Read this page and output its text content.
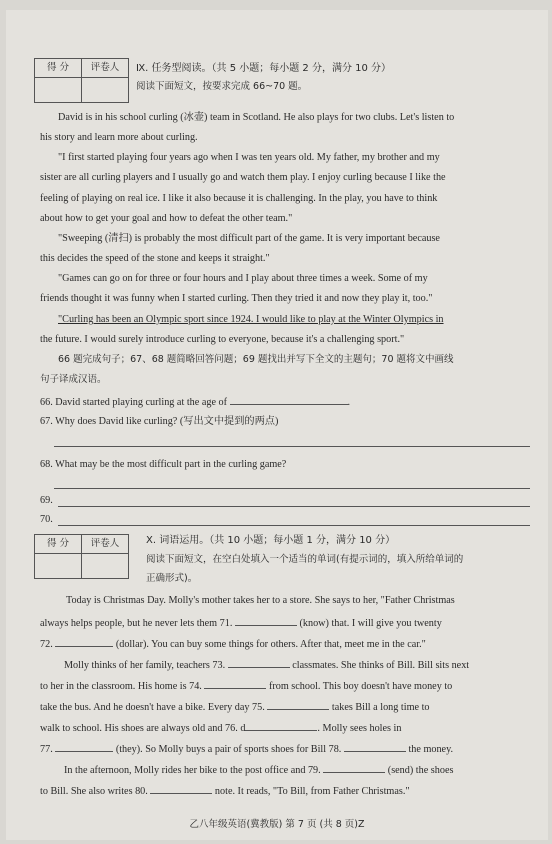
得 分	评卷人
	Ⅸ. 任务型阅读。（共 5 小题；每小题 2 分，满分 10 分）
阅读下面短文，按要求完成 66~70 题。
David is in his school curling (冰壶) team in Scotland. He also plays for two clubs. Let's listen to
his story and learn more about curling.
"I first started playing four years ago when I was ten years old. My father, my brother and my
sister are all curling players and I usually go and watch them play. I enjoy curling because I like the
feeling of playing on real ice. I like it also because it is challenging. In the play, you have to think
about how to get your goal and how to defeat the other team."
"Sweeping (清扫) is probably the most difficult part of the game. It is very important because
this decides the speed of the stone and keeps it straight."
"Games can go on for three or four hours and I play about three times a week. Some of my
friends thought it was funny when I started curling. Then they tried it and now they play it, too."
"Curling has been an Olympic sport since 1924. I would like to play at the Winter Olympics in
the future. I would surely introduce curling to everyone, because it's a challenging sport."
66 题完成句子；67、68 题简略回答问题；69 题找出并写下全文的主题句；70 题将文中画线
句子译成汉语。
66. David started playing curling at the age of	.
67. Why does David like curling? (写出文中提到的两点)
68. What may be the most difficult part in the curling game?
69.
70.
得 分	评卷人
		Ⅹ. 词语运用。（共 10 小题；每小题 1 分，满分 10 分）
阅读下面短文，在空白处填入一个适当的单词(有提示词的，填入所给单词的
正确形式)。
Today is Christmas Day. Molly's mother takes her to a store. She says to her, "Father Christmas
always helps people, but he never lets them 71.	(know) that. I will give you twenty
72.	(dollar). You can buy some things for others. After that, meet me in the car."
Molly thinks of her family, teachers 73.	classmates. She thinks of Bill. Bill sits next
to her in the classroom. His home is 74.	from school. This boy doesn't have money to
take the bus. And he doesn't have a bike. Every day 75.	takes Bill a long time to
walk to school. His shoes are always old and 76. d	. Molly sees holes in
77.	(they). So Molly buys a pair of sports shoes for Bill 78.	the money.
In the afternoon, Molly rides her bike to the post office and 79.	(send) the shoes
to Bill. She also writes 80.	note. It reads, "To Bill, from Father Christmas."
乙八年级英语(冀教版) 第 7 页 (共 8 页)Z
